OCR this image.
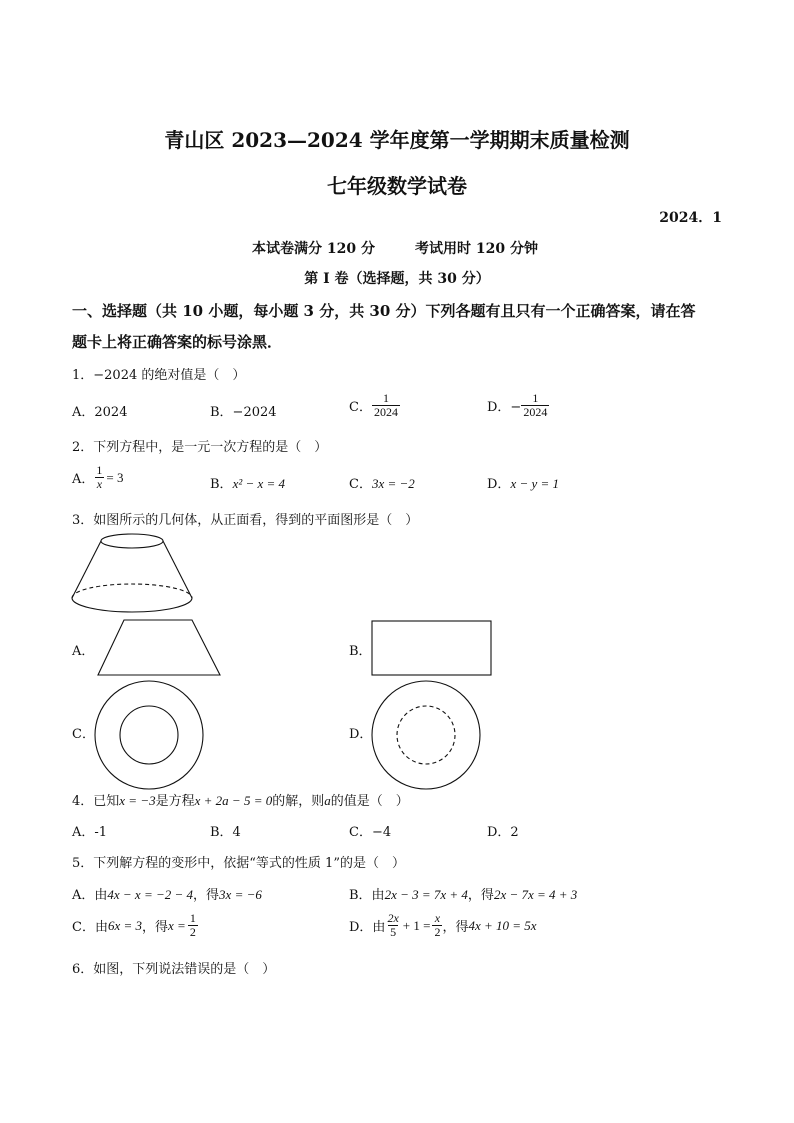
青山区 2023—2024 学年度第一学期期末质量检测
七年级数学试卷
2024．1
本试卷满分 120 分	考试用时 120 分钟
第 I 卷（选择题，共 30 分）
一、选择题（共 10 小题，每小题 3 分，共 30 分）下列各题有且只有一个正确答案，请在答
题卡上将正确答案的标号涂黑．
1．−2024 的绝对值是（　）
A．2024	B．−2024	C． $\frac{1}{2024}$	D．− $\frac{1}{2024}$
2．下列方程中，是一元一次方程的是（　）
A． $\frac{1}{x} = 3$	B．x² − x = 4	C．3x = −2	D．x − y = 1
3．如图所示的几何体，从正面看，得到的平面图形是（　）
A．	B．
C．	D．
4．已知x = −3是方程x + 2a − 5 = 0的解，则a的值是（　）
A．-1	B．4	C．−4	D．2
5．下列解方程的变形中，依据“等式的性质 1”的是（　）
A．由4x − x = −2 − 4，得3x = −6	B．由2x − 3 = 7x + 4，得2x − 7x = 4 + 3
C．由 6x = 3 ，得 $x = \frac{1}{2}$	D．由 $\frac{2x}{5} + 1 = \frac{x}{2}$ ，得 4x + 10 = 5x
6．如图，下列说法错误的是（　）
